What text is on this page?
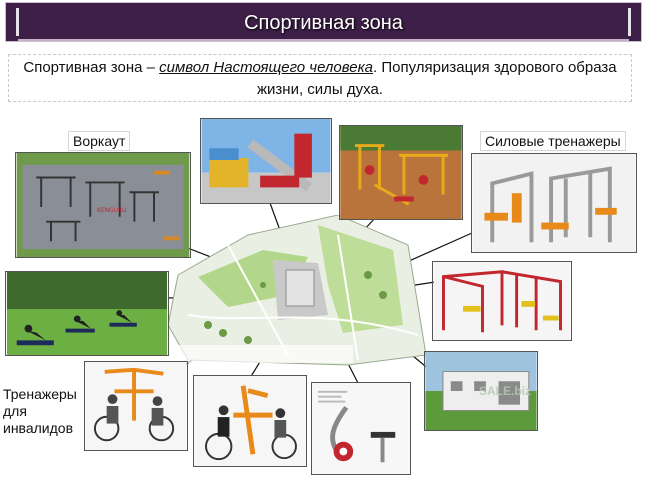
Спортивная зона
Спортивная зона – символ Настоящего человека. Популяризация здорового образа жизни, силы духа.
KENGURU
SALE.biz
Воркаут	Силовые тренажеры
Тренажеры для инвалидов
